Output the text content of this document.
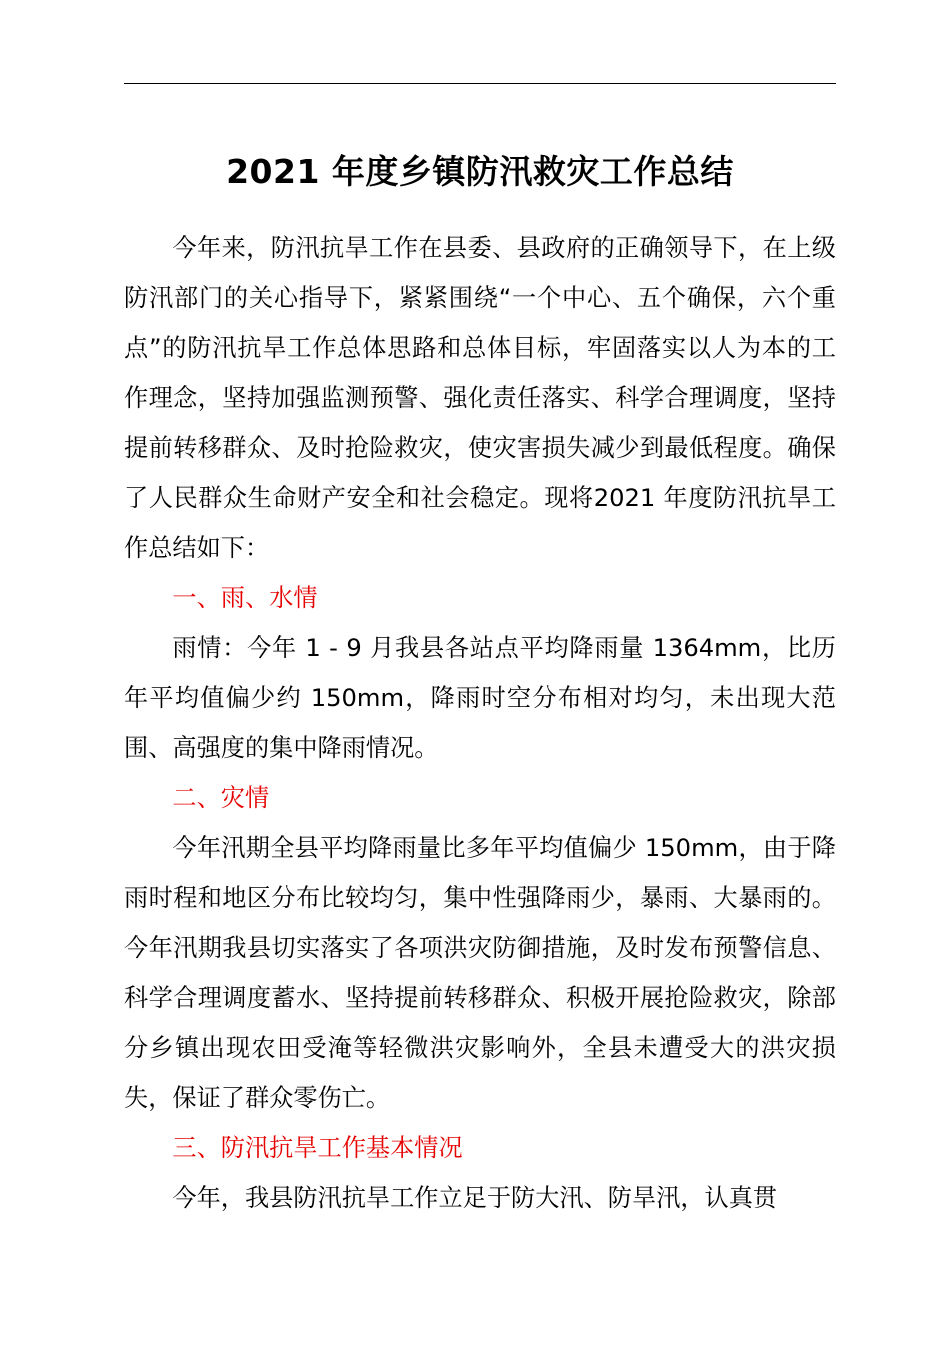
2021 年度乡镇防汛救灾工作总结

今年来，防汛抗旱工作在县委、县政府的正确领导下，在上级防汛部门的关心指导下，紧紧围绕“一个中心、五个确保，六个重点”的防汛抗旱工作总体思路和总体目标，牢固落实以人为本的工作理念，坚持加强监测预警、强化责任落实、科学合理调度，坚持提前转移群众、及时抢险救灾，使灾害损失减少到最低程度。确保了人民群众生命财产安全和社会稳定。现将2021 年度防汛抗旱工作总结如下：

一、雨、水情

雨情：今年 1 - 9 月我县各站点平均降雨量 1364mm，比历年平均值偏少约 150mm，降雨时空分布相对均匀，未出现大范围、高强度的集中降雨情况。

二、灾情

今年汛期全县平均降雨量比多年平均值偏少 150mm，由于降雨时程和地区分布比较均匀，集中性强降雨少，暴雨、大暴雨的。今年汛期我县切实落实了各项洪灾防御措施，及时发布预警信息、科学合理调度蓄水、坚持提前转移群众、积极开展抢险救灾，除部分乡镇出现农田受淹等轻微洪灾影响外，全县未遭受大的洪灾损失，保证了群众零伤亡。

三、防汛抗旱工作基本情况

今年，我县防汛抗旱工作立足于防大汛、防旱汛，认真贯
